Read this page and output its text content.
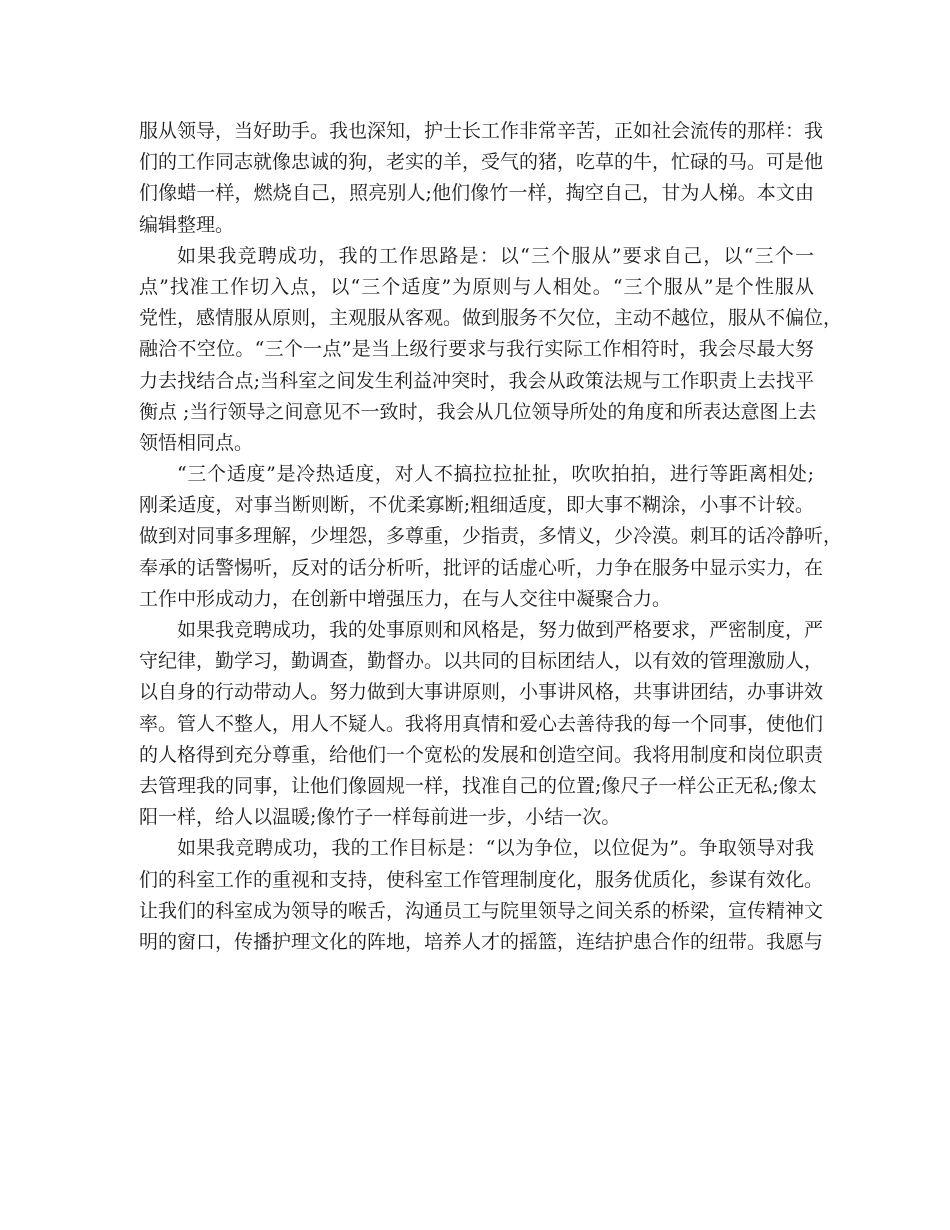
服从领导，当好助手。我也深知，护士长工作非常辛苦，正如社会流传的那样：我
们的工作同志就像忠诚的狗，老实的羊，受气的猪，吃草的牛，忙碌的马。可是他
们像蜡一样，燃烧自己，照亮别人;他们像竹一样，掏空自己，甘为人梯。本文由
编辑整理。
如果我竞聘成功，我的工作思路是：以“三个服从”要求自己，以“三个一
点”找准工作切入点，以“三个适度”为原则与人相处。“三个服从”是个性服从
党性，感情服从原则，主观服从客观。做到服务不欠位，主动不越位，服从不偏位，
融洽不空位。“三个一点”是当上级行要求与我行实际工作相符时，我会尽最大努
力去找结合点;当科室之间发生利益冲突时，我会从政策法规与工作职责上去找平
衡点 ;当行领导之间意见不一致时，我会从几位领导所处的角度和所表达意图上去
领悟相同点。
“三个适度”是冷热适度，对人不搞拉拉扯扯，吹吹拍拍，进行等距离相处;
刚柔适度，对事当断则断，不优柔寡断;粗细适度，即大事不糊涂，小事不计较。
做到对同事多理解，少埋怨，多尊重，少指责，多情义，少冷漠。刺耳的话冷静听，
奉承的话警惕听，反对的话分析听，批评的话虚心听，力争在服务中显示实力，在
工作中形成动力，在创新中增强压力，在与人交往中凝聚合力。
如果我竞聘成功，我的处事原则和风格是，努力做到严格要求，严密制度，严
守纪律，勤学习，勤调查，勤督办。以共同的目标团结人，以有效的管理激励人，
以自身的行动带动人。努力做到大事讲原则，小事讲风格，共事讲团结，办事讲效
率。管人不整人，用人不疑人。我将用真情和爱心去善待我的每一个同事，使他们
的人格得到充分尊重，给他们一个宽松的发展和创造空间。我将用制度和岗位职责
去管理我的同事，让他们像圆规一样，找准自己的位置;像尺子一样公正无私;像太
阳一样，给人以温暖;像竹子一样每前进一步，小结一次。
如果我竞聘成功，我的工作目标是：“以为争位，以位促为”。争取领导对我
们的科室工作的重视和支持，使科室工作管理制度化，服务优质化，参谋有效化。
让我们的科室成为领导的喉舌，沟通员工与院里领导之间关系的桥梁，宣传精神文
明的窗口，传播护理文化的阵地，培养人才的摇篮，连结护患合作的纽带。我愿与
